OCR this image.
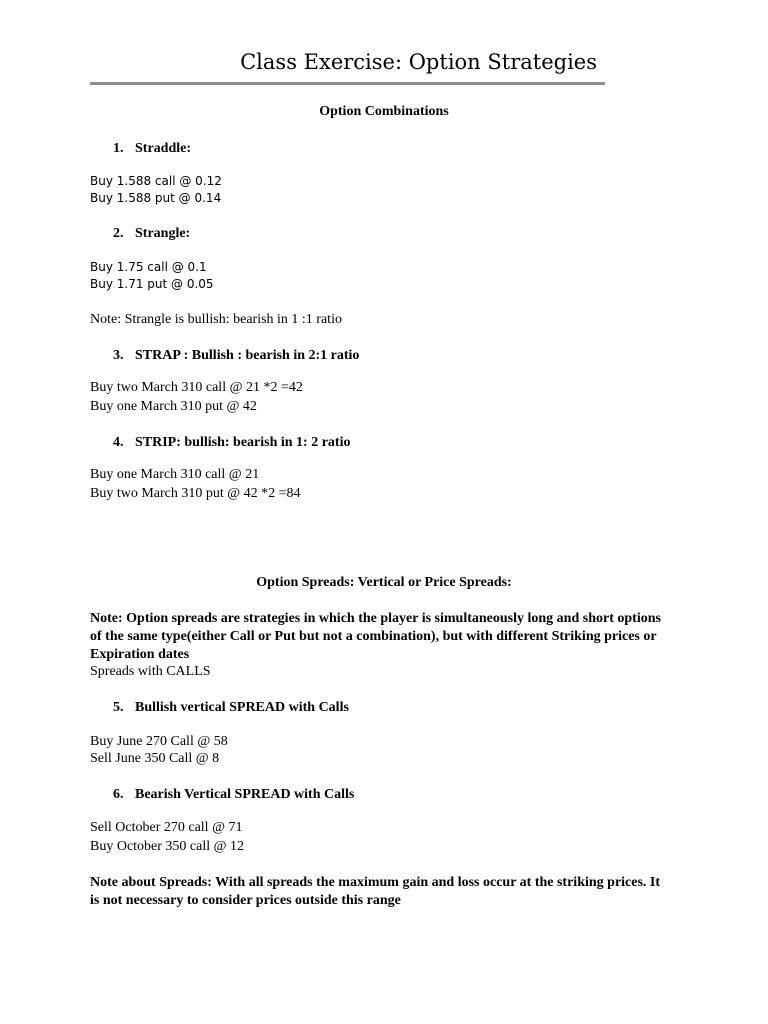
Class Exercise: Option Strategies
Option Combinations
1. Straddle:
Buy 1.588 call @ 0.12
Buy 1.588 put @ 0.14
2. Strangle:
Buy 1.75 call @ 0.1
Buy 1.71 put @ 0.05
Note: Strangle is bullish: bearish in 1 :1 ratio
3. STRAP : Bullish : bearish in 2:1 ratio
Buy two March 310 call @ 21 *2 =42
Buy one March 310 put @ 42
4. STRIP: bullish: bearish in 1: 2 ratio
Buy one March 310 call @ 21
Buy two March 310 put @ 42 *2 =84
Option Spreads: Vertical or Price Spreads:
Note: Option spreads are strategies in which the player is simultaneously long and short options of the same type(either Call or Put but not a combination), but with different Striking prices or Expiration dates
Spreads with CALLS
5. Bullish vertical SPREAD with Calls
Buy June 270 Call @ 58
Sell June 350 Call @ 8
6. Bearish Vertical SPREAD with Calls
Sell October 270 call @ 71
Buy October 350 call @ 12
Note about Spreads: With all spreads the maximum gain and loss occur at the striking prices. It is not necessary to consider prices outside this range
